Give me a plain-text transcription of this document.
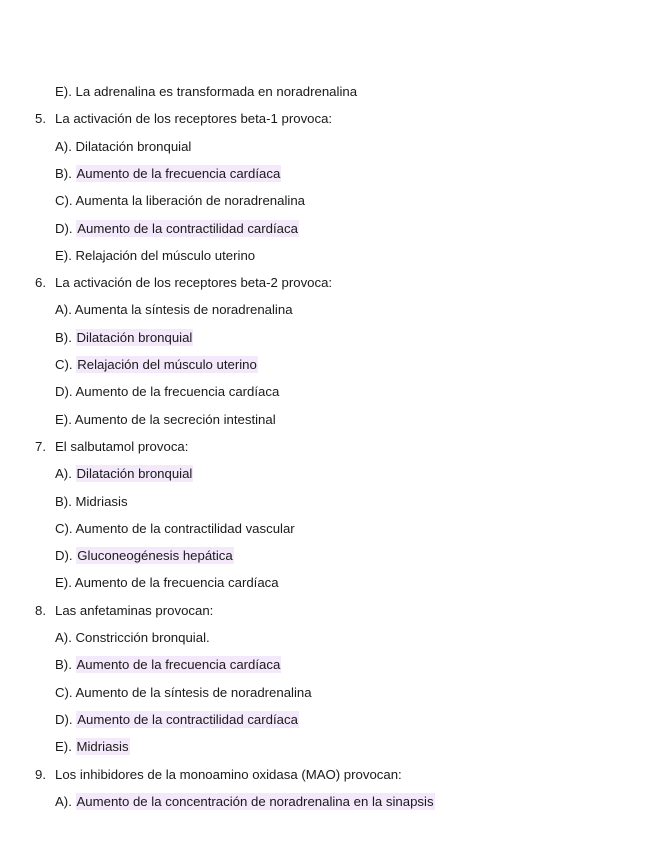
E). La adrenalina es transformada en noradrenalina
5. La activación de los receptores beta-1 provoca:
A). Dilatación bronquial
B). Aumento de la frecuencia cardíaca
C). Aumenta la liberación de noradrenalina
D). Aumento de la contractilidad cardíaca
E). Relajación del músculo uterino
6. La activación de los receptores beta-2 provoca:
A). Aumenta la síntesis de noradrenalina
B). Dilatación bronquial
C). Relajación del músculo uterino
D). Aumento de la frecuencia cardíaca
E). Aumento de la secreción intestinal
7. El salbutamol provoca:
A). Dilatación bronquial
B). Midriasis
C). Aumento de la contractilidad vascular
D). Gluconeogénesis hepática
E). Aumento de la frecuencia cardíaca
8. Las anfetaminas provocan:
A). Constricción bronquial.
B). Aumento de la frecuencia cardíaca
C). Aumento de la síntesis de noradrenalina
D). Aumento de la contractilidad cardíaca
E). Midriasis
9. Los inhibidores de la monoamino oxidasa (MAO) provocan:
A). Aumento de la concentración de noradrenalina en la sinapsis
